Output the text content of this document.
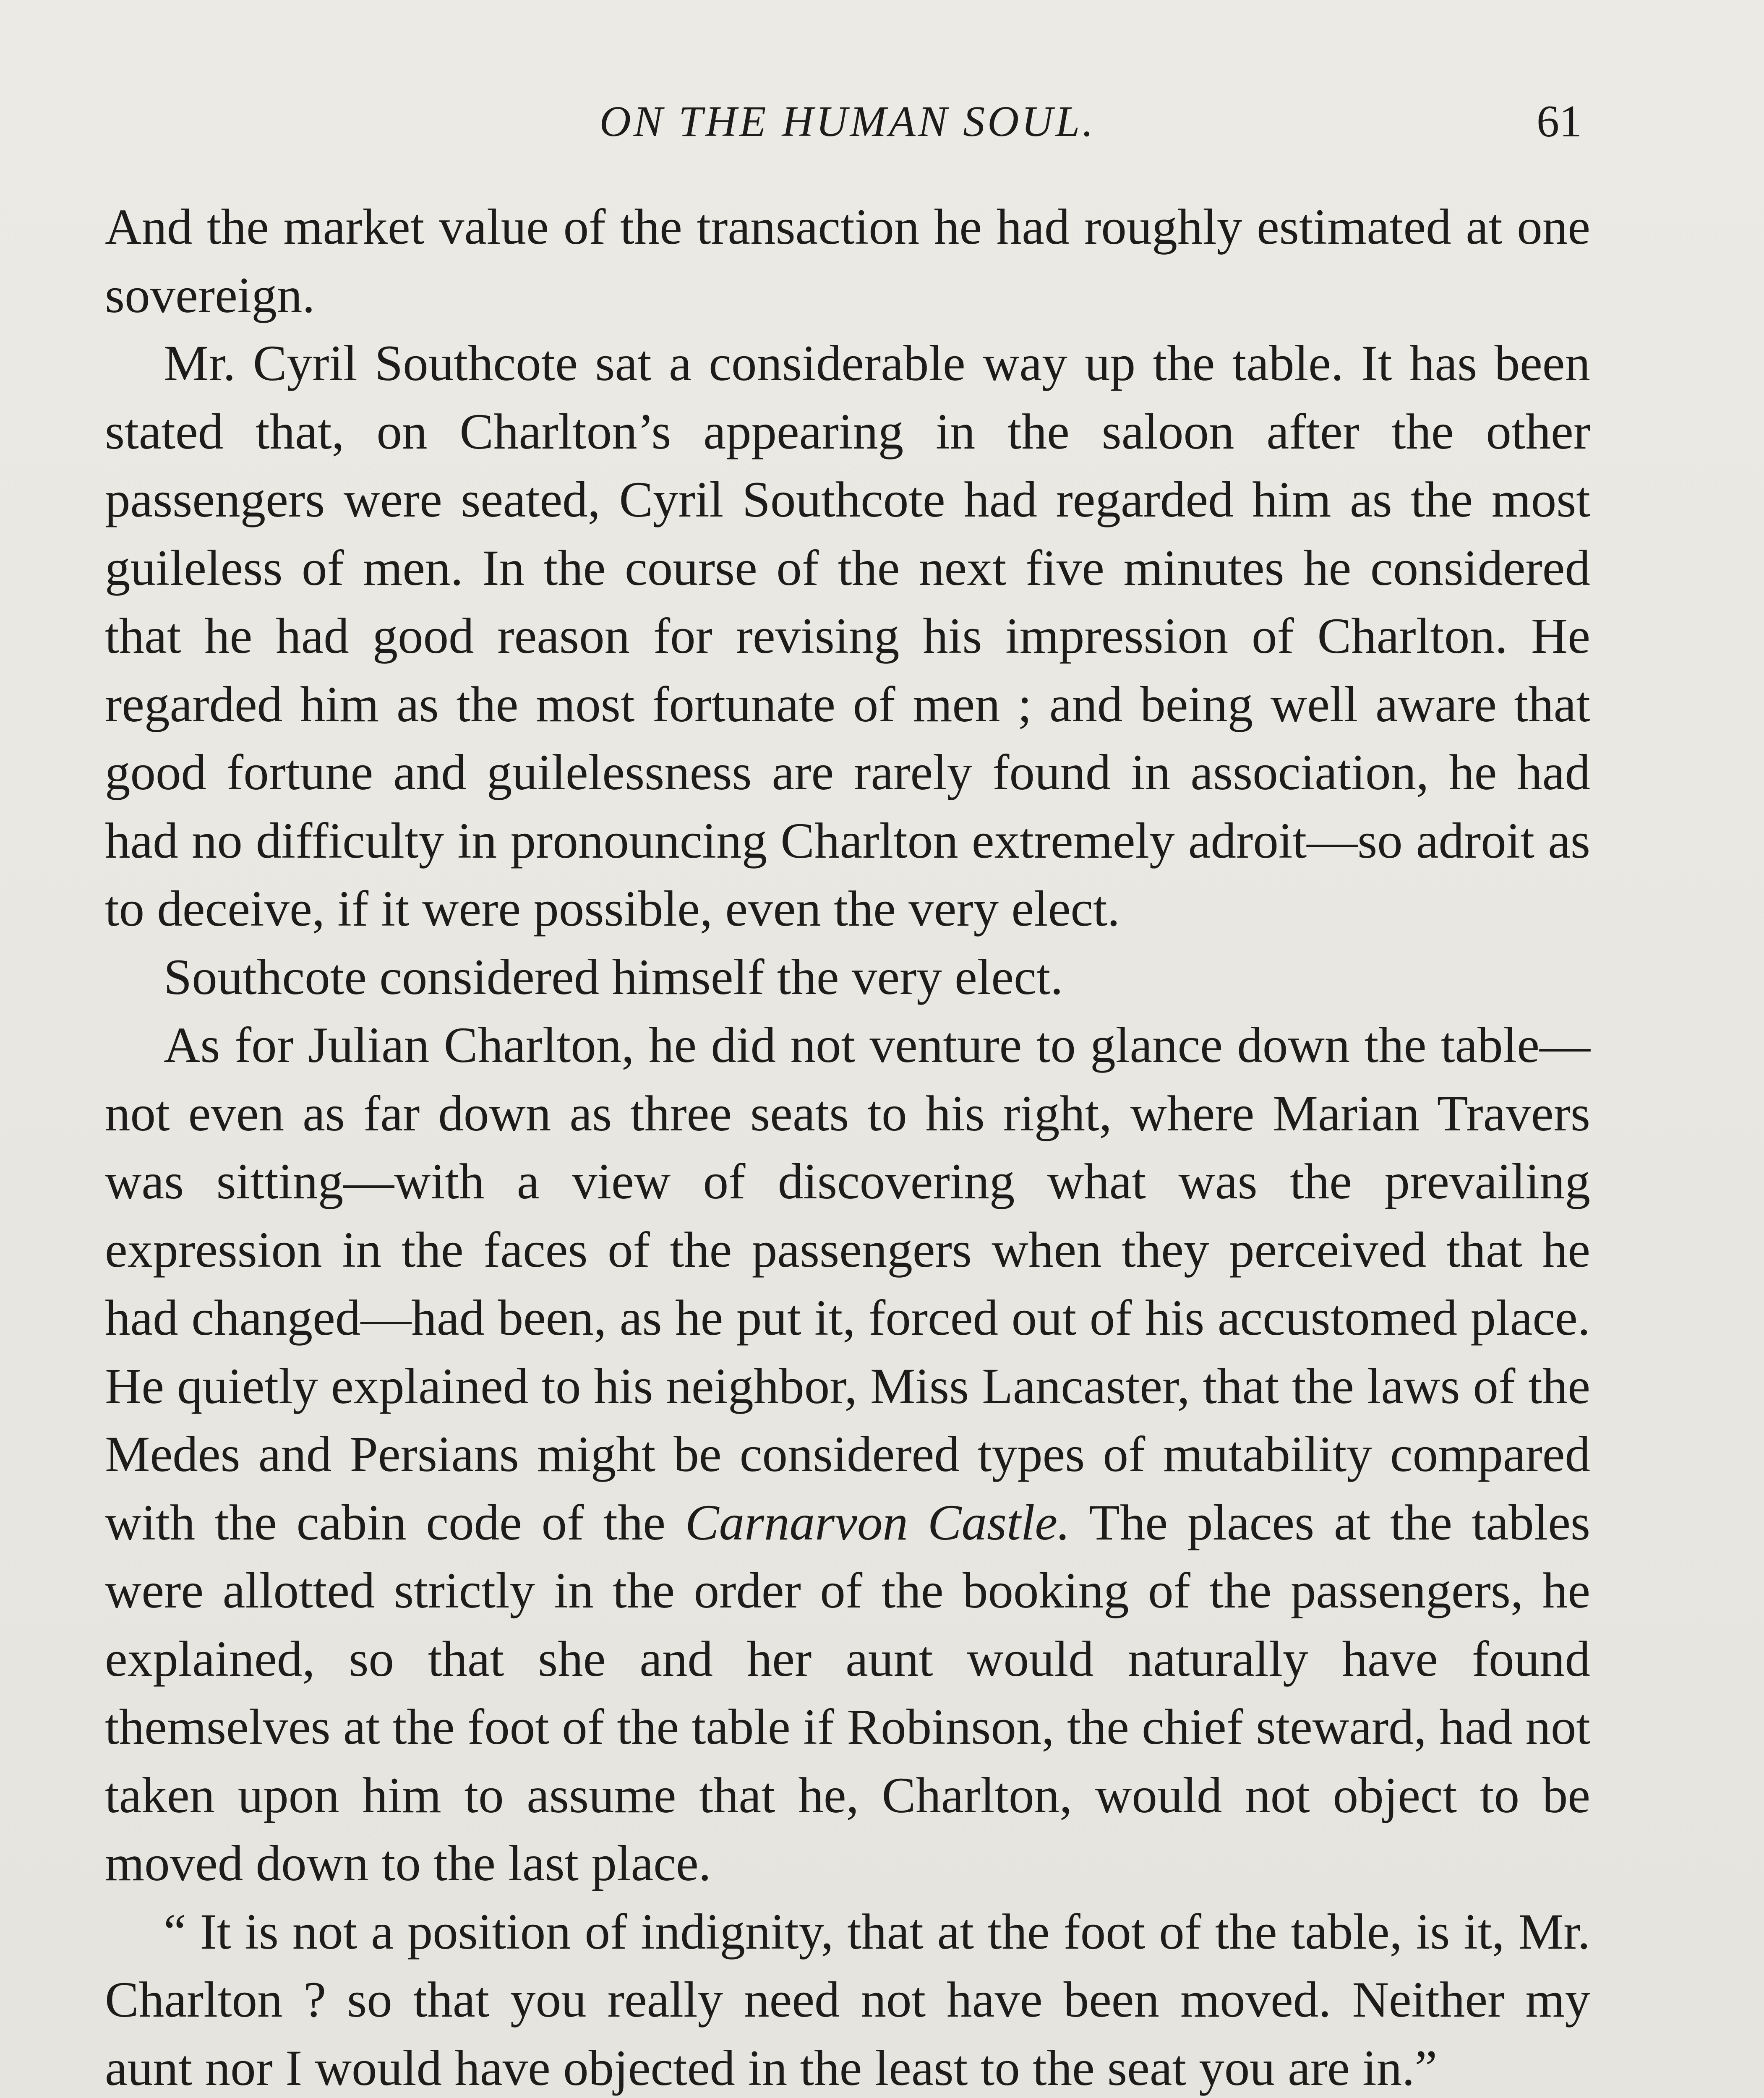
ON THE HUMAN SOUL.	61

And the market value of the transaction he had roughly estimated at one sovereign.

Mr. Cyril Southcote sat a considerable way up the table. It has been stated that, on Charlton’s appearing in the saloon after the other passengers were seated, Cyril Southcote had regarded him as the most guileless of men. In the course of the next five minutes he considered that he had good reason for revising his impression of Charlton. He regarded him as the most fortunate of men ; and being well aware that good fortune and guilelessness are rarely found in association, he had had no difficulty in pronouncing Charlton extremely adroit—so adroit as to deceive, if it were possible, even the very elect.

Southcote considered himself the very elect.

As for Julian Charlton, he did not venture to glance down the table—not even as far down as three seats to his right, where Marian Travers was sitting—with a view of discovering what was the prevailing expression in the faces of the passengers when they perceived that he had changed—had been, as he put it, forced out of his accustomed place. He quietly explained to his neighbor, Miss Lancaster, that the laws of the Medes and Persians might be considered types of mutability compared with the cabin code of the Carnarvon Castle. The places at the tables were allotted strictly in the order of the booking of the passengers, he explained, so that she and her aunt would naturally have found themselves at the foot of the table if Robinson, the chief steward, had not taken upon him to assume that he, Charlton, would not object to be moved down to the last place.

“ It is not a position of indignity, that at the foot of the table, is it, Mr. Charlton ? so that you really need not have been moved. Neither my aunt nor I would have objected in the least to the seat you are in.”
